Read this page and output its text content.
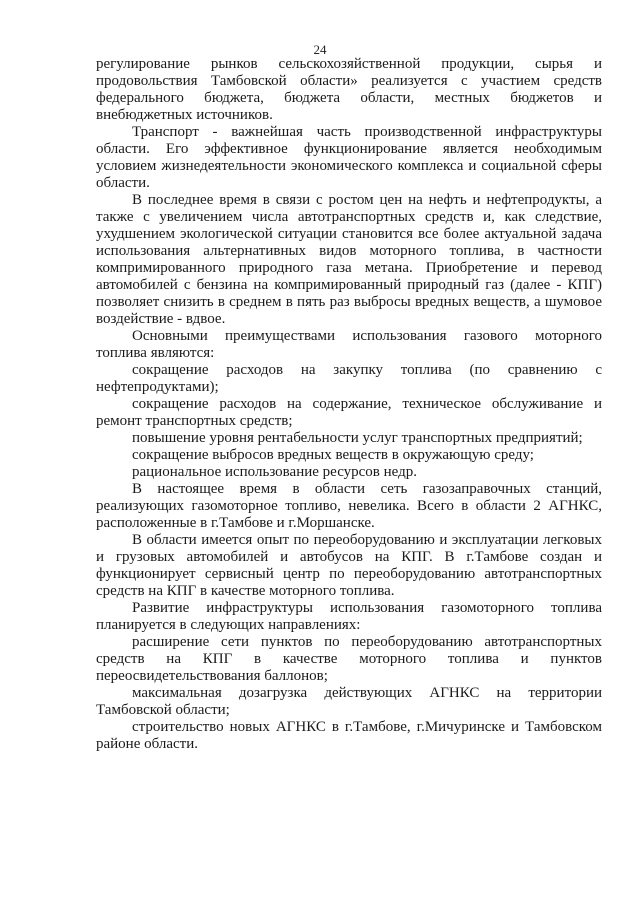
24

регулирование рынков сельскохозяйственной продукции, сырья и продовольствия Тамбовской области» реализуется с участием средств федерального бюджета, бюджета области, местных бюджетов и внебюджетных источников.

Транспорт - важнейшая часть производственной инфраструктуры области. Его эффективное функционирование является необходимым условием жизнедеятельности экономического комплекса и социальной сферы области.

В последнее время в связи с ростом цен на нефть и нефтепродукты, а также с увеличением числа автотранспортных средств и, как следствие, ухудшением экологической ситуации становится все более актуальной задача использования альтернативных видов моторного топлива, в частности компримированного природного газа метана. Приобретение и перевод автомобилей с бензина на компримированный природный газ (далее - КПГ) позволяет снизить в среднем в пять раз выбросы вредных веществ, а шумовое воздействие - вдвое.

Основными преимуществами использования газового моторного топлива являются:

сокращение расходов на закупку топлива (по сравнению с нефтепродуктами);

сокращение расходов на содержание, техническое обслуживание и ремонт транспортных средств;

повышение уровня рентабельности услуг транспортных предприятий;

сокращение выбросов вредных веществ в окружающую среду;

рациональное использование ресурсов недр.

В настоящее время в области сеть газозаправочных станций, реализующих газомоторное топливо, невелика. Всего в области 2 АГНКС, расположенные в г.Тамбове и г.Моршанске.

В области имеется опыт по переоборудованию и эксплуатации легковых и грузовых автомобилей и автобусов на КПГ. В г.Тамбове создан и функционирует сервисный центр по переоборудованию автотранспортных средств на КПГ в качестве моторного топлива.

Развитие инфраструктуры использования газомоторного топлива планируется в следующих направлениях:

расширение сети пунктов по переоборудованию автотранспортных средств на КПГ в качестве моторного топлива и пунктов переосвидетельствования баллонов;

максимальная дозагрузка действующих АГНКС на территории Тамбовской области;

строительство новых АГНКС в г.Тамбове, г.Мичуринске и Тамбовском районе области.
